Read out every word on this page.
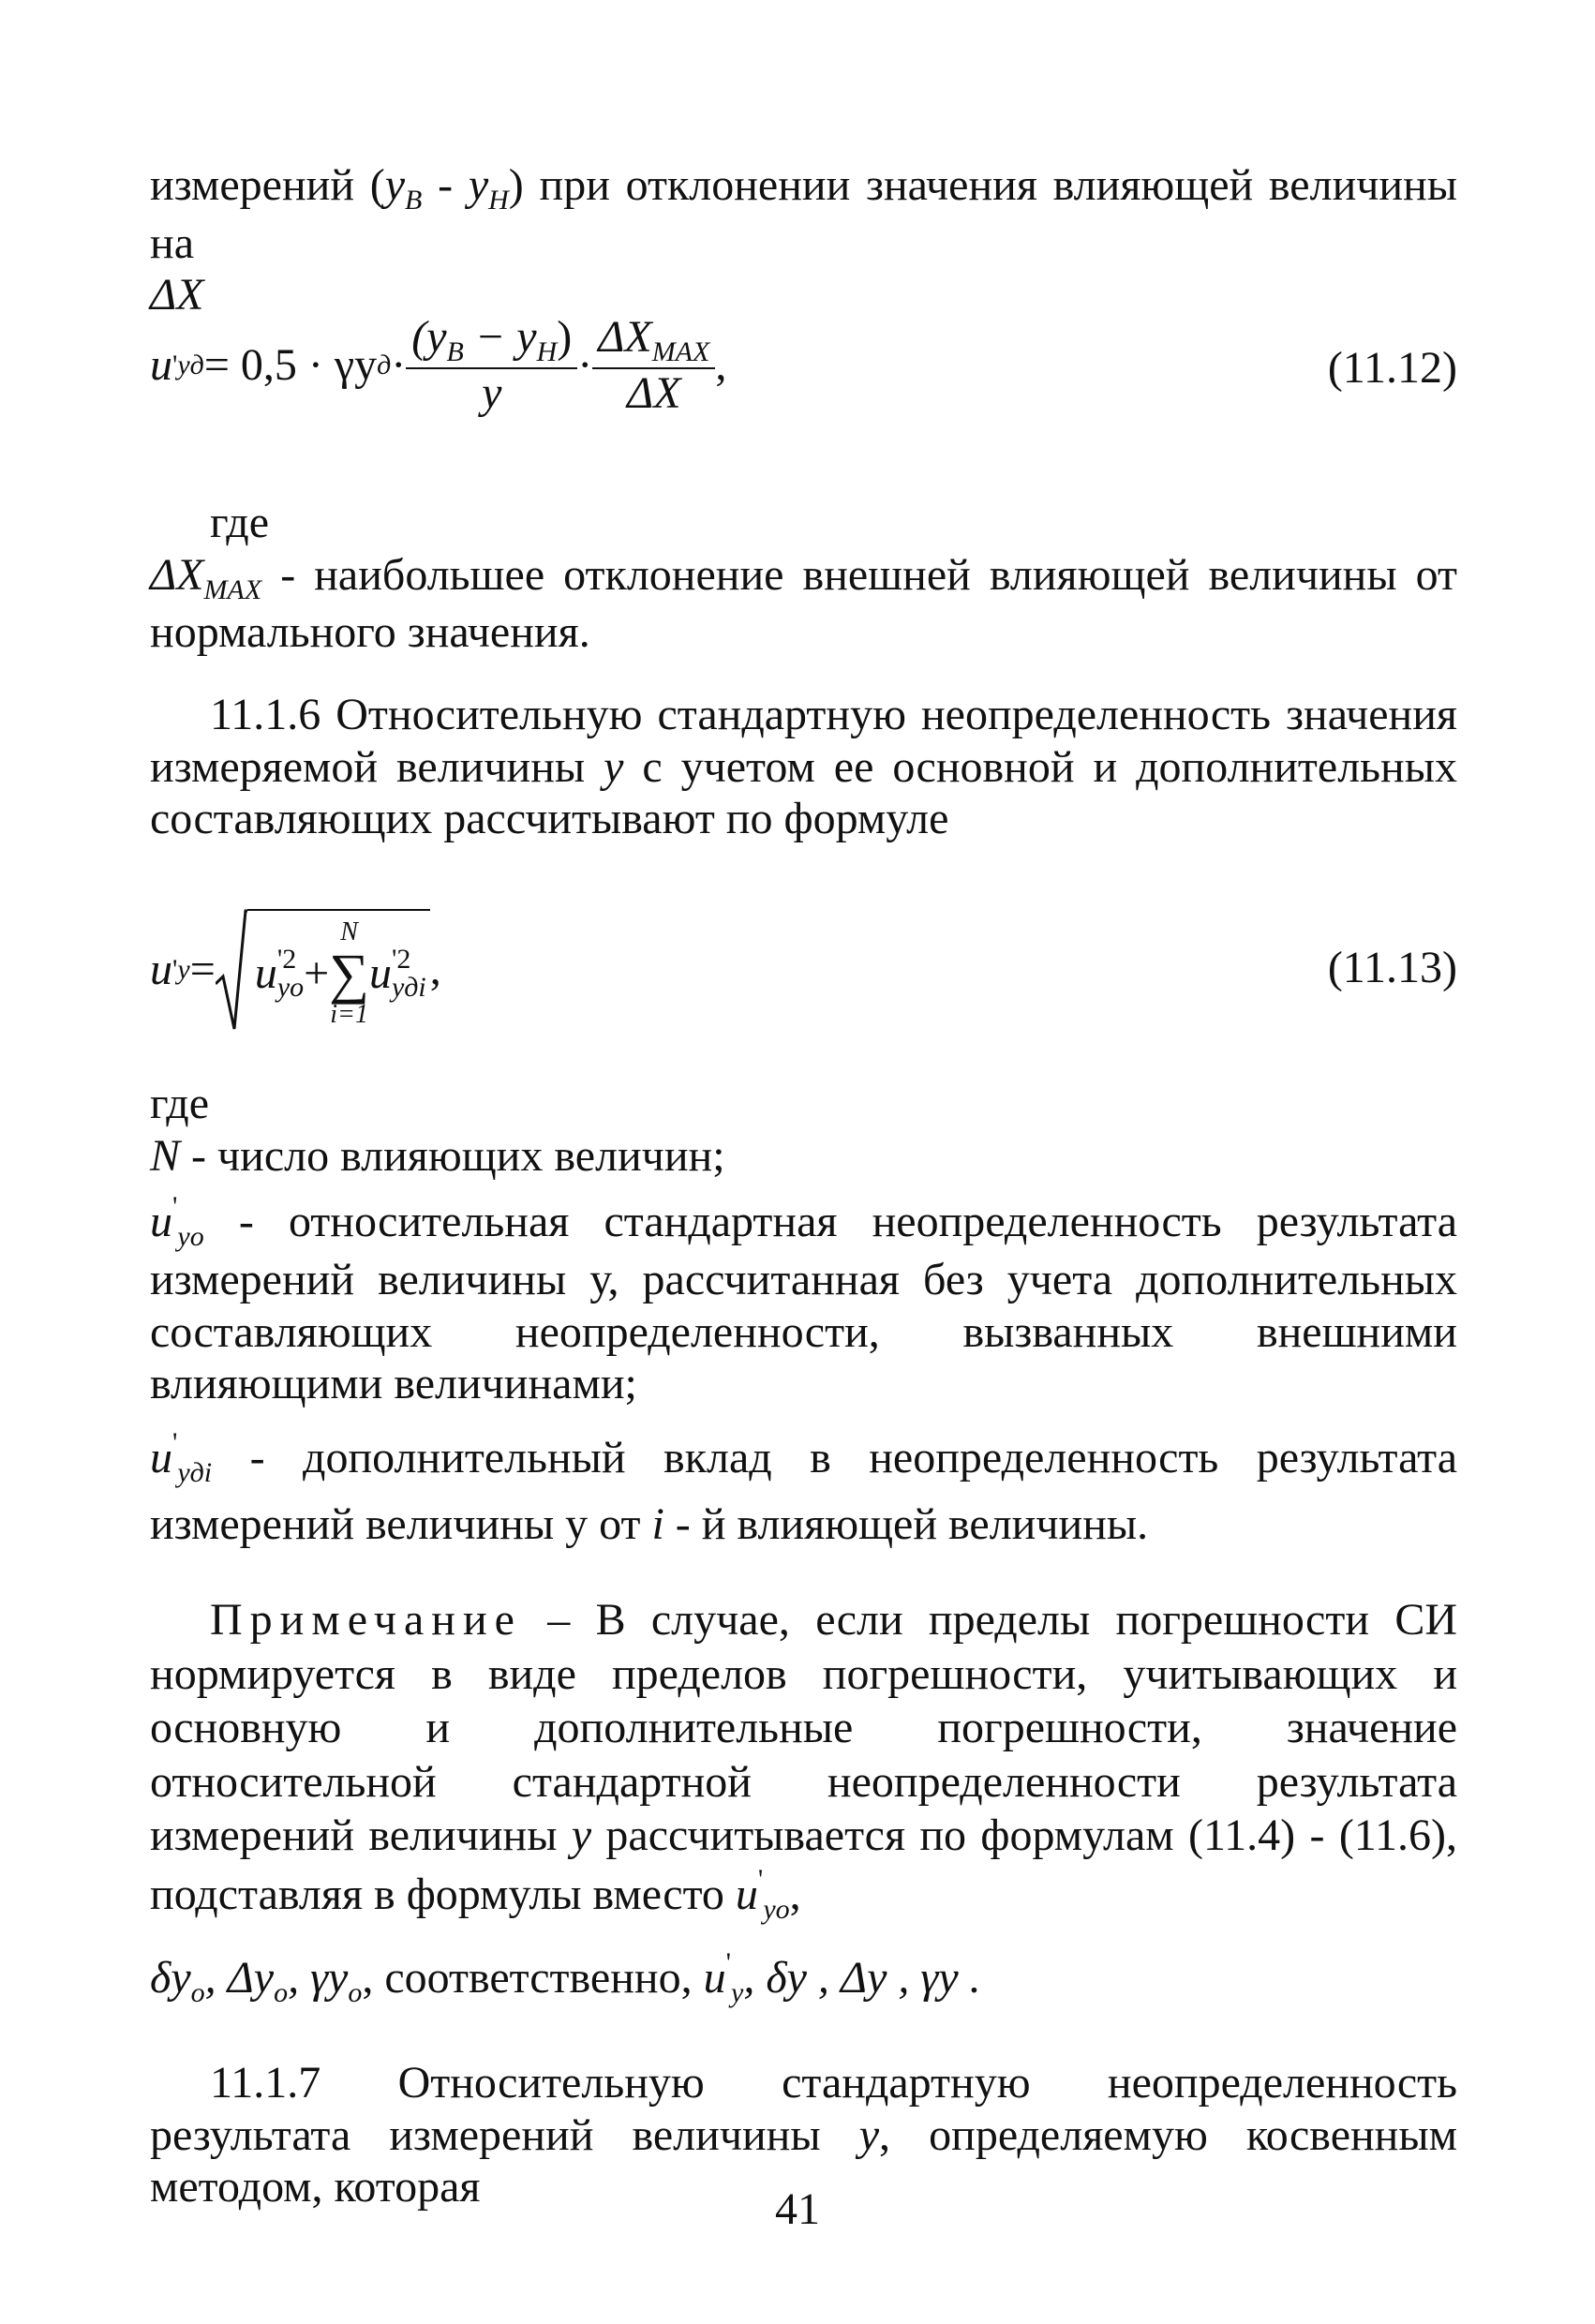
измерений $(y_B - y_H)$ при отклонении значения влияющей величины на

ΔX

u ' уд = 0,5 · γy $д \cdot \frac{(y_B - y_H)}{y} \cdot \frac{\Delta X_{MAX}}{\Delta X}$ ,	(11.12)

где

$\Delta X_{MAX}$ - наибольшее отклонение внешней влияющей величины от нормального значения.

11.1.6 Относительную стандартную неопределенность значения измеряемой величины y с учетом ее основной и дополнительных составляющих рассчитывают по формуле

u ' y = u '2
yo +
N
∑
i=1
u '2
удi ,	(11.13)

где

N - число влияющих величин;

$u'_{yo}$ - относительная стандартная неопределенность результата измерений величины у, рассчитанная без учета дополнительных составляющих неопределенности, вызванных внешними влияющими величинами;

$u'_{удi}$ - дополнительный вклад в неопределенность результата измерений величины у от i - й влияющей величины.

Примечание – В случае, если пределы погрешности СИ нормируется в виде пределов погрешности, учитывающих и основную и дополнительные погрешности, значение относительной стандартной неопределенности результата измерений величины y рассчитывается по формулам (11.4) - (11.6), подставляя в формулы вместо $u'_{yo}$,

$\delta y_o$, $\Delta y_o$, $\gamma y_o$, соответственно, $u'_y$, δy , Δy , γy .

11.1.7 Относительную стандартную неопределенность результата измерений величины y, определяемую косвенным методом, которая	41
